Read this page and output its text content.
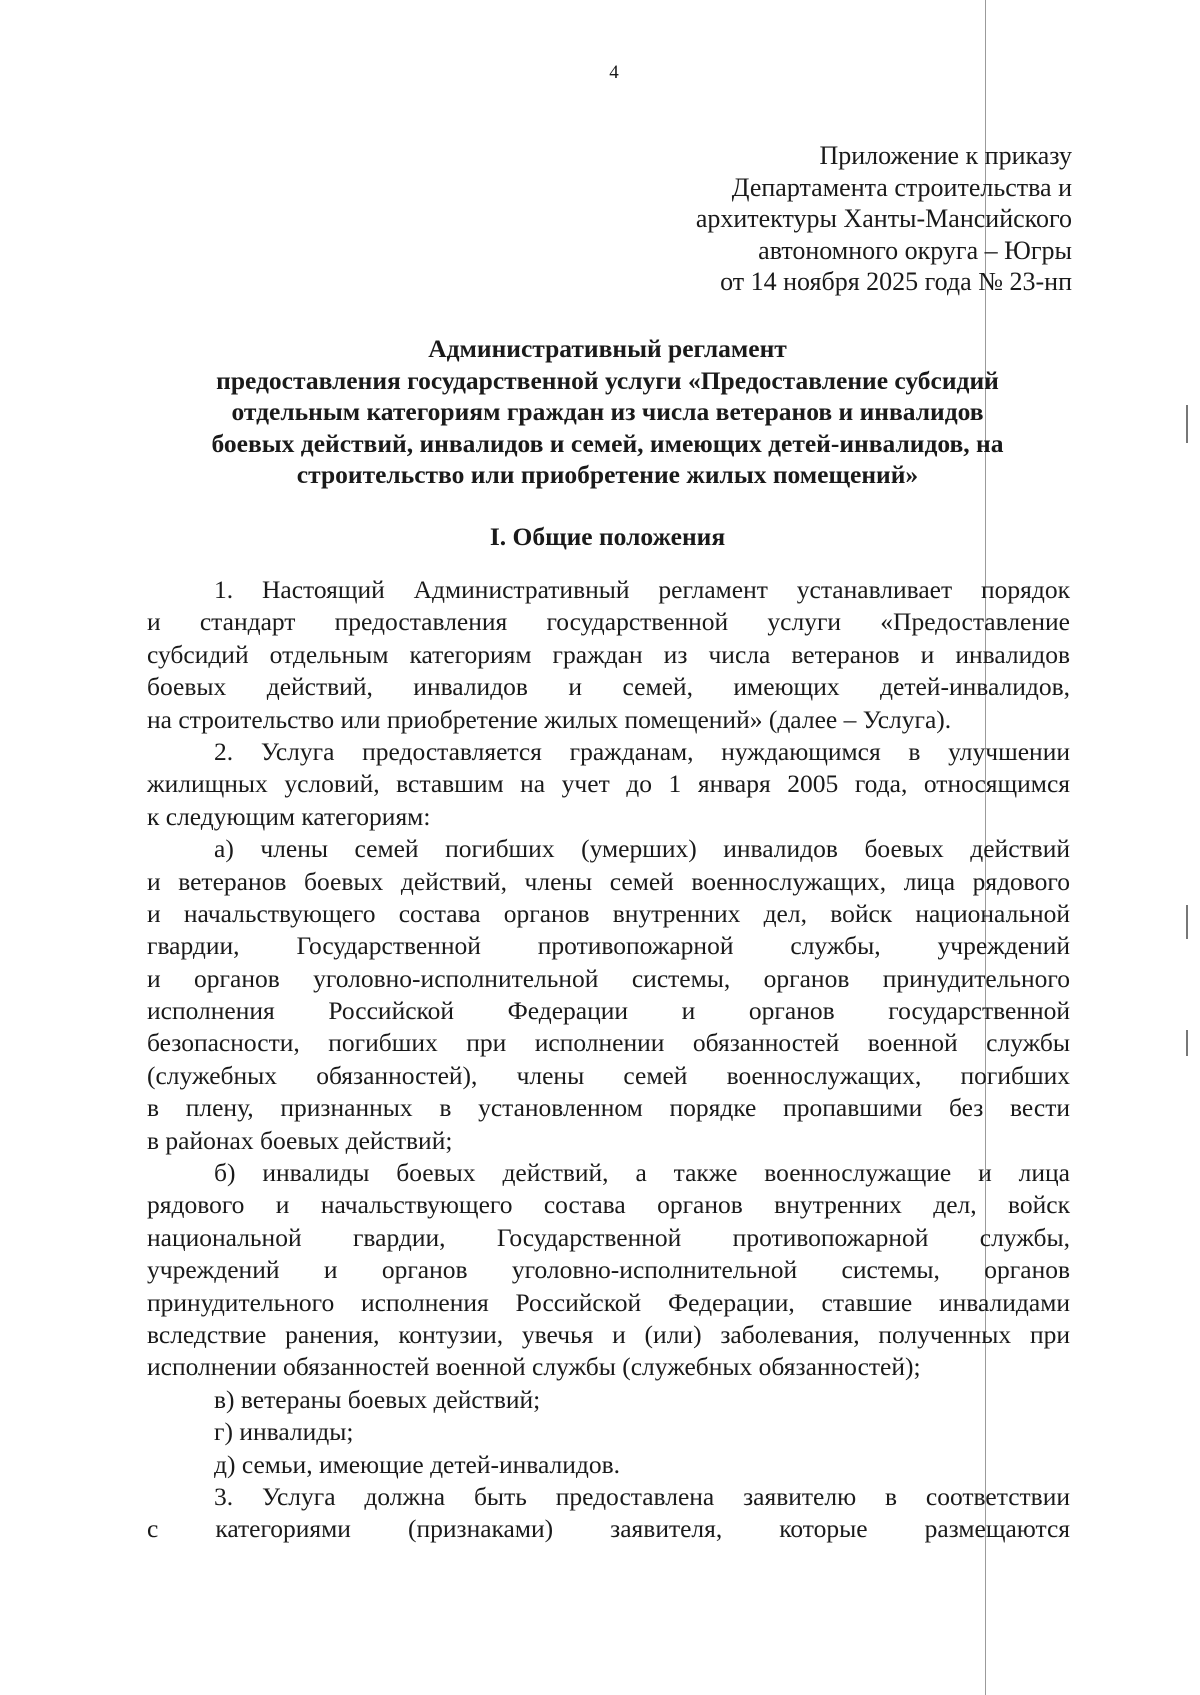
4
Приложение к приказу
Департамента строительства и
архитектуры Ханты-Мансийского
автономного округа – Югры
от 14 ноября 2025 года № 23-нп
Административный регламент
предоставления государственной услуги «Предоставление субсидий
отдельным категориям граждан из числа ветеранов и инвалидов
боевых действий, инвалидов и семей, имеющих детей-инвалидов, на
строительство или приобретение жилых помещений»
I. Общие положения
1. Настоящий Административный регламент устанавливает порядок
и стандарт предоставления государственной услуги «Предоставление
субсидий отдельным категориям граждан из числа ветеранов и инвалидов
боевых действий, инвалидов и семей, имеющих детей-инвалидов,
на строительство или приобретение жилых помещений» (далее – Услуга).
2. Услуга предоставляется гражданам, нуждающимся в улучшении
жилищных условий, вставшим на учет до 1 января 2005 года, относящимся
к следующим категориям:
а) члены семей погибших (умерших) инвалидов боевых действий
и ветеранов боевых действий, члены семей военнослужащих, лица рядового
и начальствующего состава органов внутренних дел, войск национальной
гвардии, Государственной противопожарной службы, учреждений
и органов уголовно-исполнительной системы, органов принудительного
исполнения Российской Федерации и органов государственной
безопасности, погибших при исполнении обязанностей военной службы
(служебных обязанностей), члены семей военнослужащих, погибших
в плену, признанных в установленном порядке пропавшими без вести
в районах боевых действий;
б) инвалиды боевых действий, а также военнослужащие и лица
рядового и начальствующего состава органов внутренних дел, войск
национальной гвардии, Государственной противопожарной службы,
учреждений и органов уголовно-исполнительной системы, органов
принудительного исполнения Российской Федерации, ставшие инвалидами
вследствие ранения, контузии, увечья и (или) заболевания, полученных при
исполнении обязанностей военной службы (служебных обязанностей);
в) ветераны боевых действий;
г) инвалиды;
д) семьи, имеющие детей-инвалидов.
3. Услуга должна быть предоставлена заявителю в соответствии
с категориями (признаками) заявителя, которые размещаются
